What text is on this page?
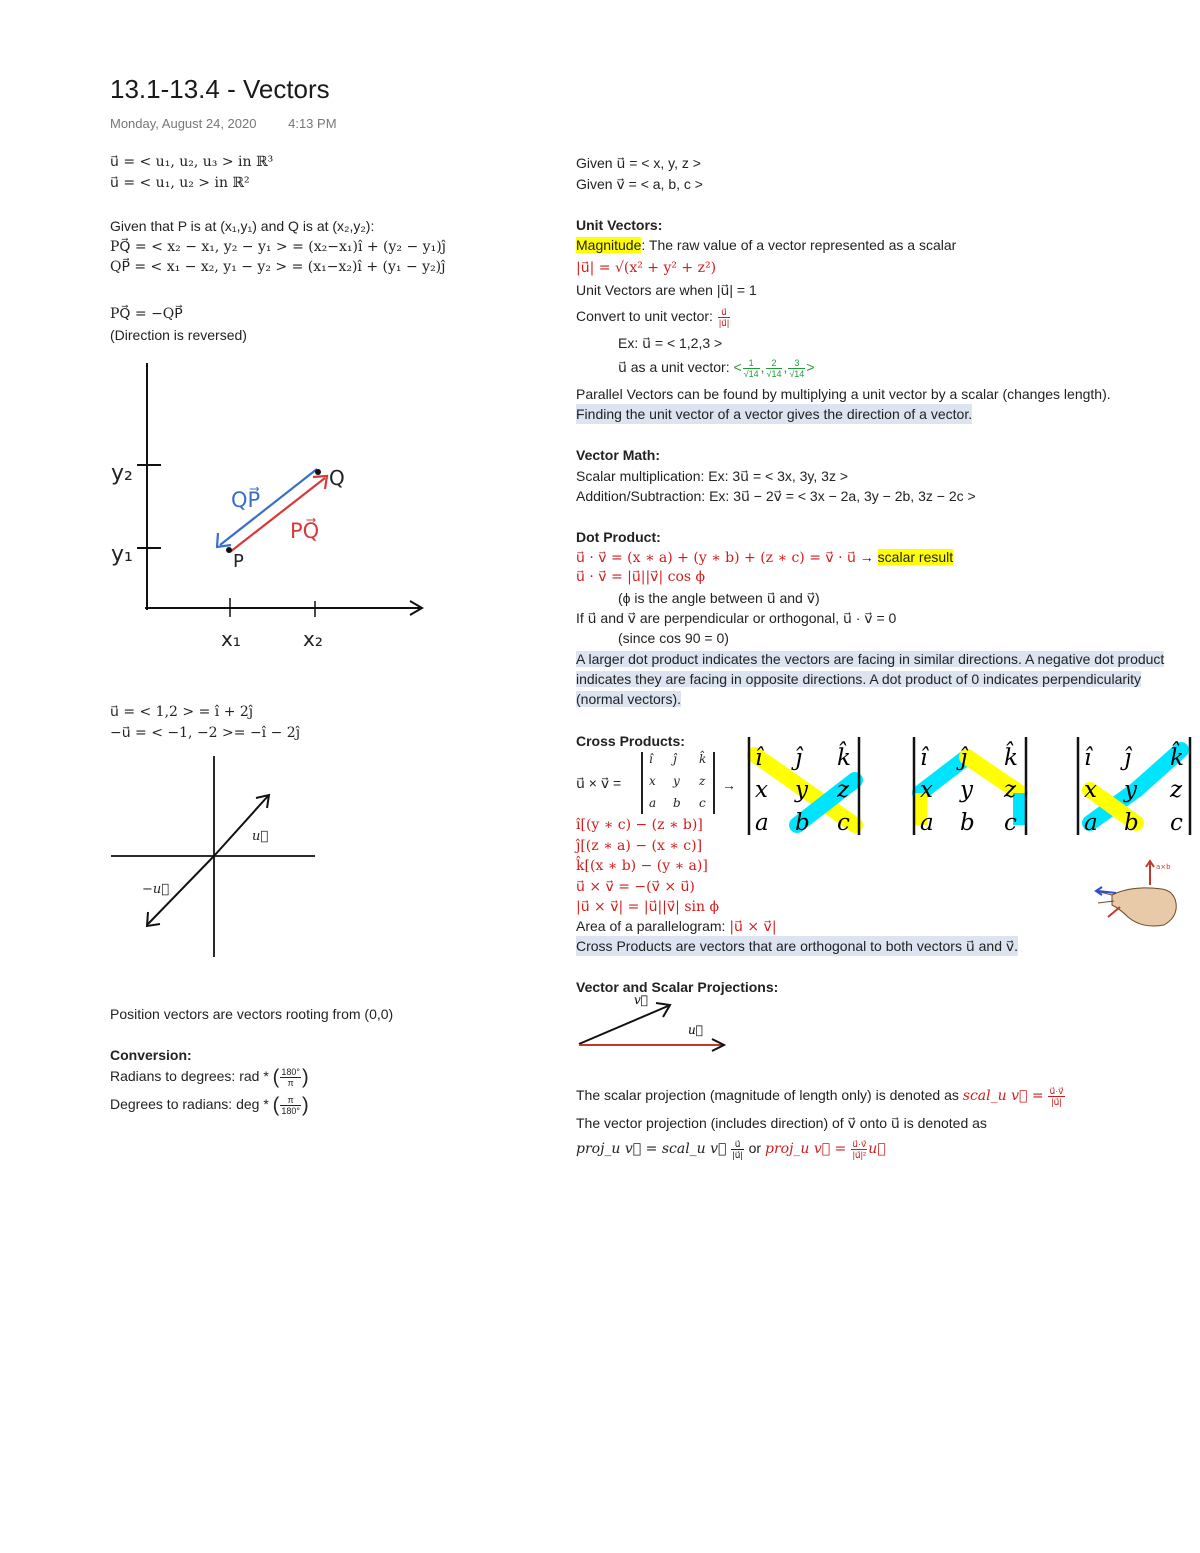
13.1-13.4 - Vectors
Monday, August 24, 2020 4:13 PM
u⃗ = < u₁, u₂, u₃ > in ℝ³
u⃗ = < u₁, u₂ > in ℝ²
Given that P is at (x₁,y₁) and Q is at (x₂,y₂):
PQ⃗ = < x₂ − x₁, y₂ − y₁ > = (x₂−x₁)î + (y₂ − y₁)ĵ
QP⃗ = < x₁ − x₂, y₁ − y₂ > = (x₁−x₂)î + (y₁ − y₂)ĵ
PQ⃗ = −QP⃗
(Direction is reversed)
y₂
y₁
x₁	x₂
Q
P
QP⃗
PQ⃗
u⃗ = < 1,2 > = î + 2ĵ
−u⃗ = < −1, −2 >= −î − 2ĵ
u⃗
−u⃗
Position vectors are vectors rooting from (0,0)
Conversion:
Radians to degrees: rad * ( $\frac{180^\circ}{\pi}$ )
Degrees to radians: deg * ( $\frac{\pi}{180^\circ}$ )
Given u⃗ = < x, y, z >
Given v⃗ = < a, b, c >
Unit Vectors:
Magnitude: The raw value of a vector represented as a scalar
|u⃗| = √(x² + y² + z²)
Unit Vectors are when |u⃗| = 1
Convert to unit vector: $\frac{u⃗}{|u⃗|}$
Ex: u⃗ = < 1,2,3 >
u⃗ as a unit vector: < $\frac{1}{√14}$ , $\frac{2}{√14}$ , $\frac{3}{√14}$ >
Parallel Vectors can be found by multiplying a unit vector by a scalar (changes length).
Finding the unit vector of a vector gives the direction of a vector.
Vector Math:
Scalar multiplication: Ex: 3u⃗ = < 3x, 3y, 3z >
Addition/Subtraction: Ex: 3u⃗ − 2v⃗ = < 3x − 2a, 3y − 2b, 3z − 2c >
Dot Product:
u⃗ · v⃗ = (x ∗ a) + (y ∗ b) + (z ∗ c) = v⃗ · u⃗ → scalar result
u⃗ · v⃗ = |u⃗||v⃗| cos ϕ
(ϕ is the angle between u⃗ and v⃗)
If u⃗ and v⃗ are perpendicular or orthogonal, u⃗ · v⃗ = 0
(since cos 90 = 0)
A larger dot product indicates the vectors are facing in similar directions. A negative dot product indicates they are facing in opposite directions. A dot product of 0 indicates perpendicularity (normal vectors).
Cross Products:
u⃗ × v⃗ =
î ĵ k̂
x y z
a b c
→
î ĵ k̂
x y z
a b c
î ĵ k̂
x y z
a b c
î ĵ k̂
x y z
a b c
î[(y ∗ c) − (z ∗ b)]
ĵ[(z ∗ a) − (x ∗ c)]
k̂[(x ∗ b) − (y ∗ a)]
u⃗ × v⃗ = −(v⃗ × u⃗)
|u⃗ × v⃗| = |u⃗||v⃗| sin ϕ
Area of a parallelogram: |u⃗ × v⃗|
Cross Products are vectors that are orthogonal to both vectors u⃗ and v⃗.
a×b
Vector and Scalar Projections:
v⃗
u⃗
The scalar projection (magnitude of length only) is denoted as scal_u v⃗ = $\frac{u⃗\cdot v⃗}{|u⃗|}$
The vector projection (includes direction) of v⃗ onto u⃗ is denoted as
proj_u v⃗ = scal_u v⃗ $\frac{u⃗}{|u⃗|}$ or proj_u v⃗ = $\frac{u⃗\cdot v⃗}{\text{|u⃗|²}}$ u⃗
